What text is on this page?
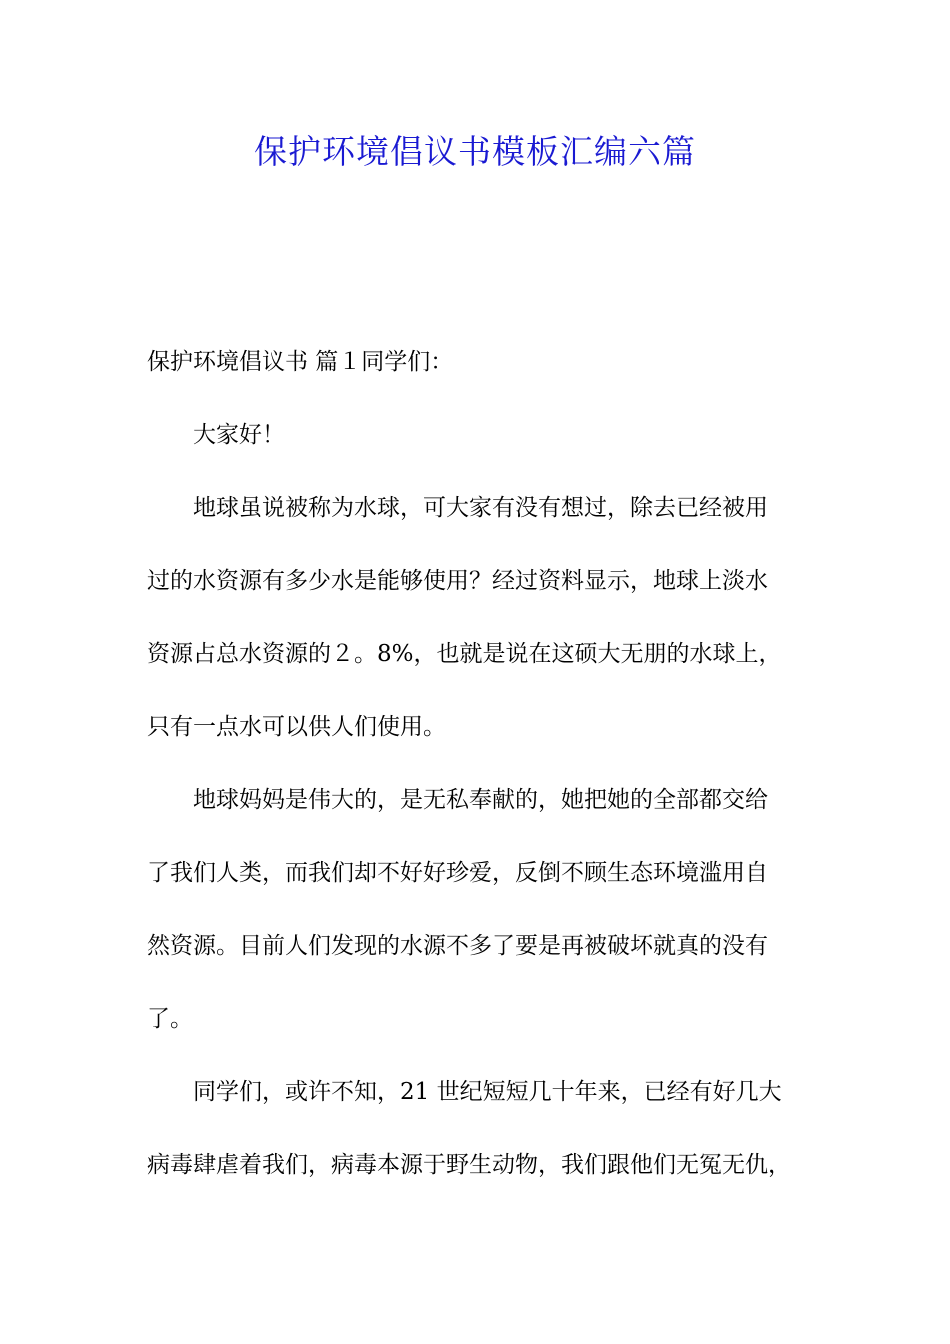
保护环境倡议书模板汇编六篇
保护环境倡议书 篇１同学们：
大家好！
地球虽说被称为水球，可大家有没有想过，除去已经被用
过的水资源有多少水是能够使用？经过资料显示，地球上淡水
资源占总水资源的２。8%，也就是说在这硕大无朋的水球上，
只有一点水可以供人们使用。
地球妈妈是伟大的，是无私奉献的，她把她的全部都交给
了我们人类，而我们却不好好珍爱，反倒不顾生态环境滥用自
然资源。目前人们发现的水源不多了要是再被破坏就真的没有
了。
同学们，或许不知，21 世纪短短几十年来，已经有好几大
病毒肆虐着我们，病毒本源于野生动物，我们跟他们无冤无仇，
